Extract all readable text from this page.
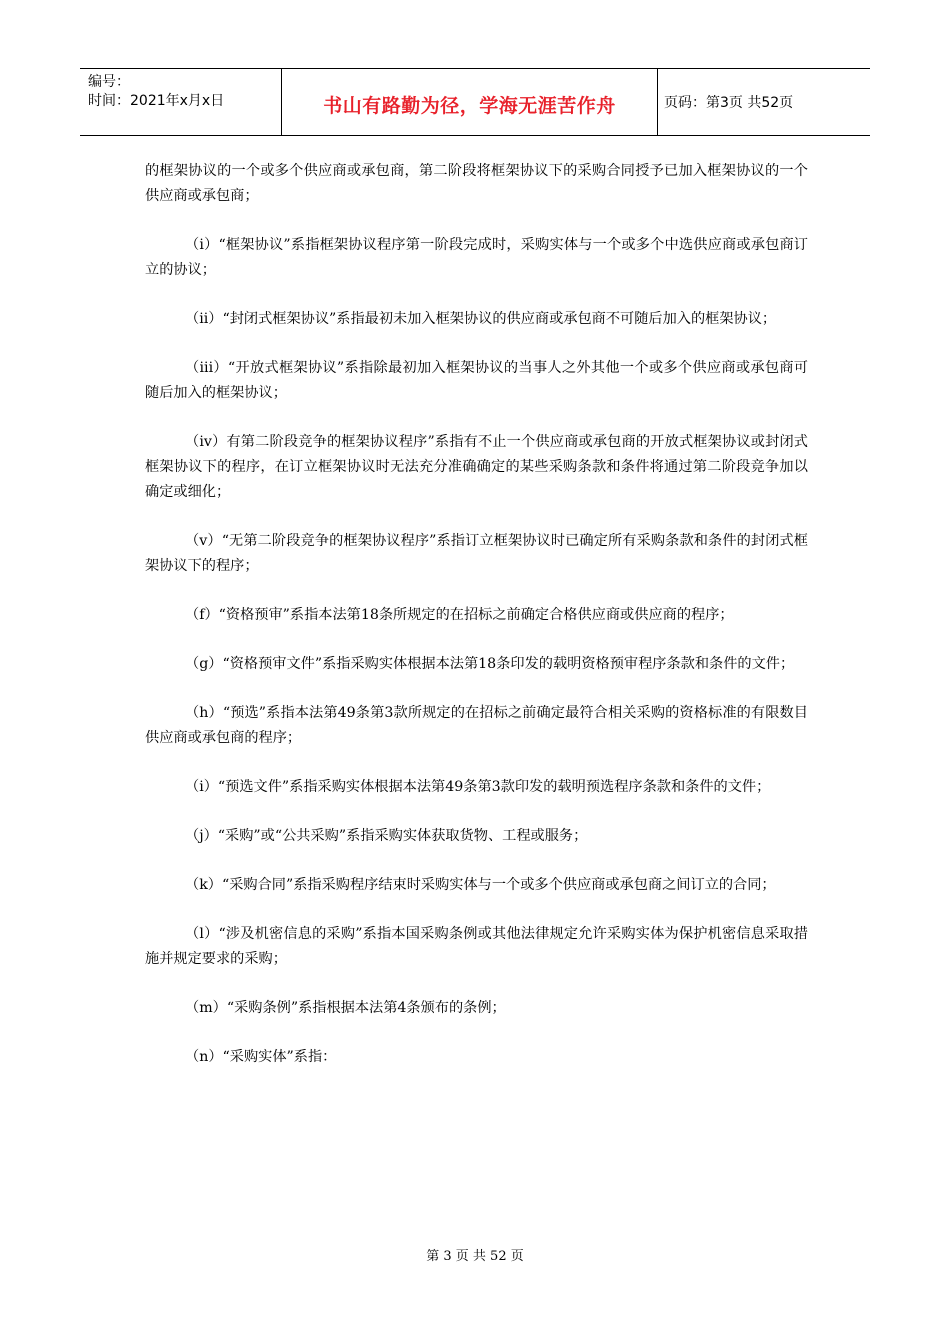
编号：
时间：2021年x月x日	书山有路勤为径，学海无涯苦作舟	页码：第3页 共52页

的框架协议的一个或多个供应商或承包商，第二阶段将框架协议下的采购合同授予已加入框架协议的一个供应商或承包商；

（i）“框架协议”系指框架协议程序第一阶段完成时，采购实体与一个或多个中选供应商或承包商订立的协议；

（ii）“封闭式框架协议”系指最初未加入框架协议的供应商或承包商不可随后加入的框架协议；

（iii）“开放式框架协议”系指除最初加入框架协议的当事人之外其他一个或多个供应商或承包商可随后加入的框架协议；

（iv）有第二阶段竞争的框架协议程序”系指有不止一个供应商或承包商的开放式框架协议或封闭式框架协议下的程序，在订立框架协议时无法充分准确确定的某些采购条款和条件将通过第二阶段竞争加以确定或细化；

（v）“无第二阶段竞争的框架协议程序”系指订立框架协议时已确定所有采购条款和条件的封闭式框架协议下的程序；

（f）“资格预审”系指本法第18条所规定的在招标之前确定合格供应商或供应商的程序；

（g）“资格预审文件”系指采购实体根据本法第18条印发的载明资格预审程序条款和条件的文件；

（h）“预选”系指本法第49条第3款所规定的在招标之前确定最符合相关采购的资格标准的有限数目供应商或承包商的程序；

（i）“预选文件”系指采购实体根据本法第49条第3款印发的载明预选程序条款和条件的文件；

（j）“采购”或“公共采购”系指采购实体获取货物、工程或服务；

（k）“采购合同”系指采购程序结束时采购实体与一个或多个供应商或承包商之间订立的合同；

（l）“涉及机密信息的采购”系指本国采购条例或其他法律规定允许采购实体为保护机密信息采取措施并规定要求的采购；

（m）“采购条例”系指根据本法第4条颁布的条例；

（n）“采购实体”系指：

第 3 页 共 52 页
